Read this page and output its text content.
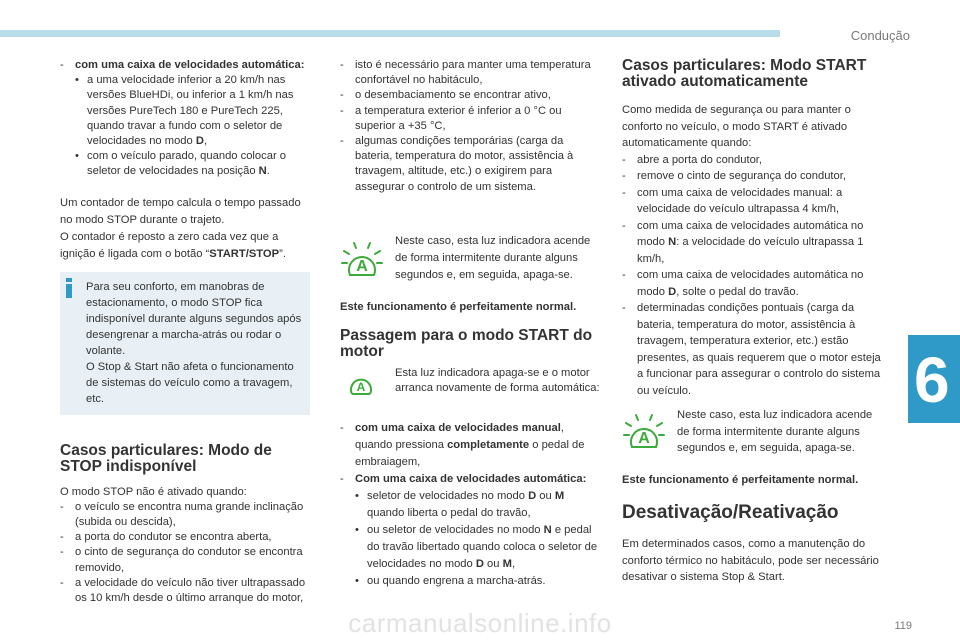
Condução
6
carmanualsonline.info	119

- com uma caixa de velocidades automática:

• a uma velocidade inferior a 20 km/h nas versões BlueHDi, ou inferior a 1 km/h nas versões PureTech 180 e PureTech 225, quando travar a fundo com o seletor de velocidades no modo D,

• com o veículo parado, quando colocar o seletor de velocidades na posição N.

Um contador de tempo calcula o tempo passado no modo STOP durante o trajeto.

O contador é reposto a zero cada vez que a ignição é ligada com o botão “START/STOP”.

Para seu conforto, em manobras de estacionamento, o modo STOP fica indisponível durante alguns segundos após desengrenar a marcha-atrás ou rodar o volante.

O Stop & Start não afeta o funcionamento de sistemas do veículo como a travagem, etc.

Casos particulares: Modo de STOP indisponível

O modo STOP não é ativado quando:

- o veículo se encontra numa grande inclinação (subida ou descida),

- a porta do condutor se encontra aberta,

- o cinto de segurança do condutor se encontra removido,

- a velocidade do veículo não tiver ultrapassado os 10 km/h desde o último arranque do motor,

- isto é necessário para manter uma temperatura confortável no habitáculo,

- o desembaciamento se encontrar ativo,

- a temperatura exterior é inferior a 0 °C ou superior a +35 °C,

- algumas condições temporárias (carga da bateria, temperatura do motor, assistência à travagem, altitude, etc.) o exigirem para assegurar o controlo de um sistema.

A

Neste caso, esta luz indicadora acende de forma intermitente durante alguns segundos e, em seguida, apaga-se.

Este funcionamento é perfeitamente normal.

Passagem para o modo START do motor
A

Esta luz indicadora apaga-se e o motor arranca novamente de forma automática:

- com uma caixa de velocidades manual, quando pressiona completamente o pedal de embraiagem,

- Com uma caixa de velocidades automática:

• seletor de velocidades no modo D ou M quando liberta o pedal do travão,

• ou seletor de velocidades no modo N e pedal do travão libertado quando coloca o seletor de velocidades no modo D ou M,

• ou quando engrena a marcha-atrás.

Casos particulares: Modo START ativado automaticamente

Como medida de segurança ou para manter o conforto no veículo, o modo START é ativado automaticamente quando:

- abre a porta do condutor,

- remove o cinto de segurança do condutor,

- com uma caixa de velocidades manual: a velocidade do veículo ultrapassa 4 km/h,

- com uma caixa de velocidades automática no modo N: a velocidade do veículo ultrapassa 1 km/h,

- com uma caixa de velocidades automática no modo D, solte o pedal do travão.

- determinadas condições pontuais (carga da bateria, temperatura do motor, assistência à travagem, temperatura exterior, etc.) estão presentes, as quais requerem que o motor esteja a funcionar para assegurar o controlo do sistema ou veículo.

A

Neste caso, esta luz indicadora acende de forma intermitente durante alguns segundos e, em seguida, apaga-se.

Este funcionamento é perfeitamente normal.

Desativação/Reativação

Em determinados casos, como a manutenção do conforto térmico no habitáculo, pode ser necessário desativar o sistema Stop & Start.
